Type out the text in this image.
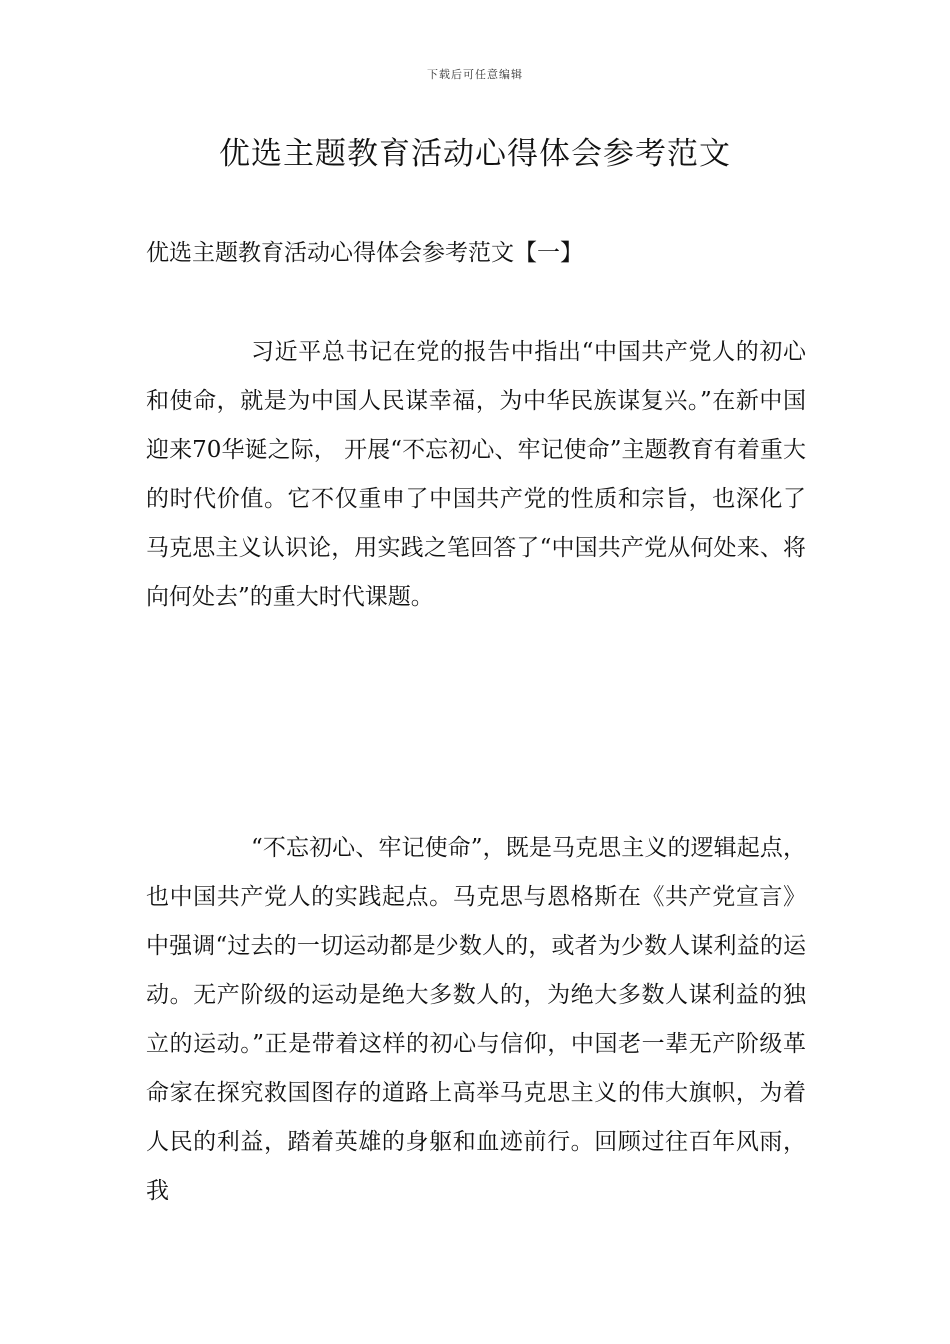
下载后可任意编辑
优选主题教育活动心得体会参考范文
优选主题教育活动心得体会参考范文【一】

习近平总书记在党的报告中指出“中国共产党人的初心和使命，就是为中国人民谋幸福，为中华民族谋复兴。”在新中国迎来70华诞之际， 开展“不忘初心、牢记使命”主题教育有着重大的时代价值。它不仅重申了中国共产党的性质和宗旨，也深化了马克思主义认识论，用实践之笔回答了“中国共产党从何处来、将向何处去”的重大时代课题。

“不忘初心、牢记使命”，既是马克思主义的逻辑起点，也中国共产党人的实践起点。马克思与恩格斯在《共产党宣言》中强调“过去的一切运动都是少数人的，或者为少数人谋利益的运动。无产阶级的运动是绝大多数人的，为绝大多数人谋利益的独立的运动。”正是带着这样的初心与信仰，中国老一辈无产阶级革命家在探究救国图存的道路上高举马克思主义的伟大旗帜，为着人民的利益，踏着英雄的身躯和血迹前行。回顾过往百年风雨，我
